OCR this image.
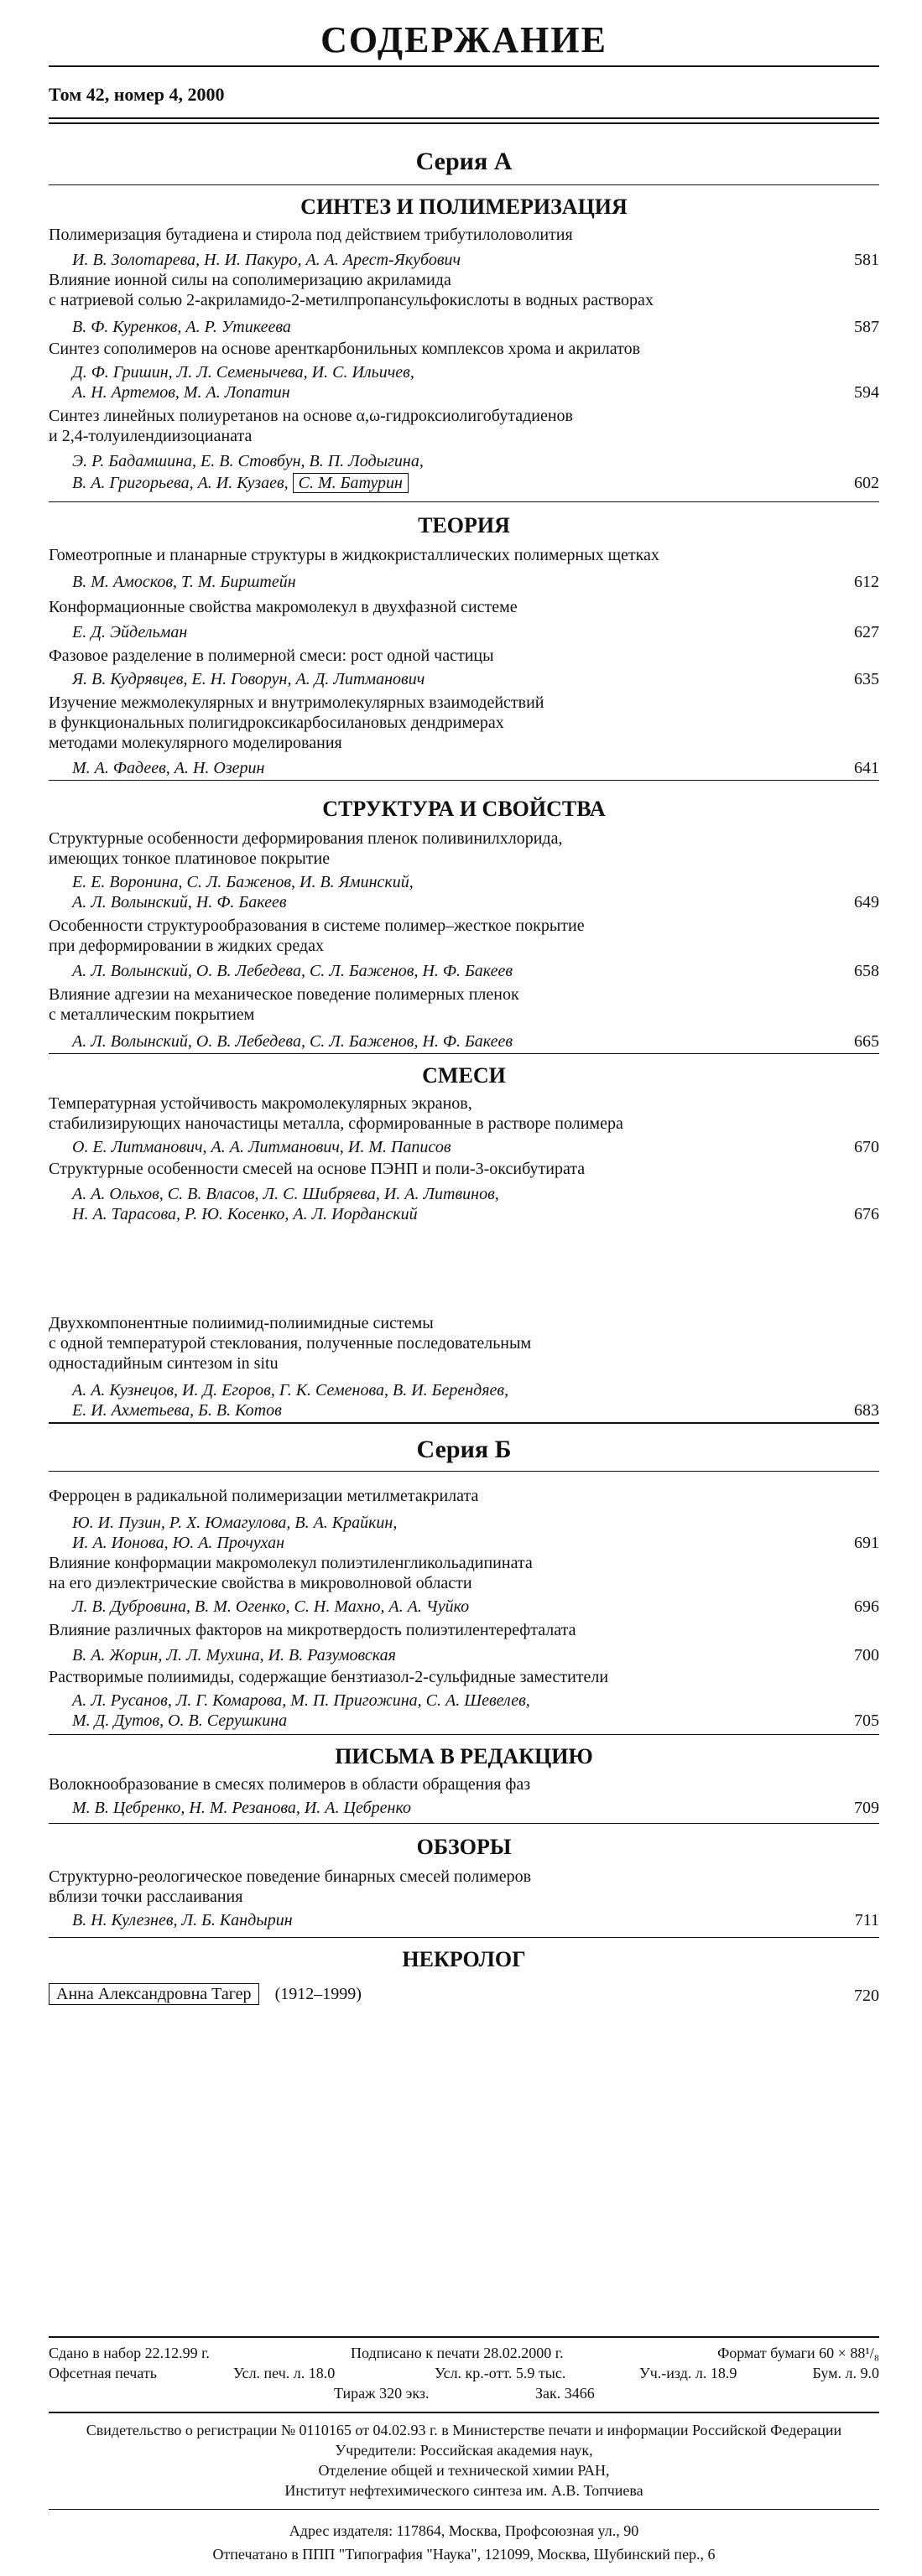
СОДЕРЖАНИЕ
Том 42, номер 4, 2000
Серия А
СИНТЕЗ И ПОЛИМЕРИЗАЦИЯ
Полимеризация бутадиена и стирола под действием трибутилоловолития
И. В. Золотарева, Н. И. Пакуро, А. А. Арест-Якубович	581
Влияние ионной силы на сополимеризацию акриламида
с натриевой солью 2-акриламидо-2-метилпропансульфокислоты в водных растворах
В. Ф. Куренков, А. Р. Утикеева	587
Синтез сополимеров на основе аренткарбонильных комплексов хрома и акрилатов
Д. Ф. Гришин, Л. Л. Семенычева, И. С. Ильичев,
А. Н. Артемов, М. А. Лопатин	594
Синтез линейных полиуретанов на основе α,ω-гидроксиолигобутадиенов
и 2,4-толуилендиизоцианата
Э. Р. Бадамшина, Е. В. Стовбун, В. П. Лодыгина,
В. А. Григорьева, А. И. Кузаев, С. М. Батурин	602
ТЕОРИЯ
Гомеотропные и планарные структуры в жидкокристаллических полимерных щетках
В. М. Амосков, Т. М. Бирштейн	612
Конформационные свойства макромолекул в двухфазной системе
Е. Д. Эйдельман	627
Фазовое разделение в полимерной смеси: рост одной частицы
Я. В. Кудрявцев, Е. Н. Говорун, А. Д. Литманович	635
Изучение межмолекулярных и внутримолекулярных взаимодействий
в функциональных полигидроксикарбосилановых дендримерах
методами молекулярного моделирования
М. А. Фадеев, А. Н. Озерин	641
СТРУКТУРА И СВОЙСТВА
Структурные особенности деформирования пленок поливинилхлорида,
имеющих тонкое платиновое покрытие
Е. Е. Воронина, С. Л. Баженов, И. В. Яминский,
А. Л. Волынский, Н. Ф. Бакеев	649
Особенности структурообразования в системе полимер–жесткое покрытие
при деформировании в жидких средах
А. Л. Волынский, О. В. Лебедева, С. Л. Баженов, Н. Ф. Бакеев	658
Влияние адгезии на механическое поведение полимерных пленок
с металлическим покрытием
А. Л. Волынский, О. В. Лебедева, С. Л. Баженов, Н. Ф. Бакеев	665
СМЕСИ
Температурная устойчивость макромолекулярных экранов,
стабилизирующих наночастицы металла, сформированные в растворе полимера
О. Е. Литманович, А. А. Литманович, И. М. Паписов	670
Структурные особенности смесей на основе ПЭНП и поли-3-оксибутирата
А. А. Ольхов, С. В. Власов, Л. С. Шибряева, И. А. Литвинов,
Н. А. Тарасова, Р. Ю. Косенко, А. Л. Иорданский	676
Двухкомпонентные полиимид-полиимидные системы
с одной температурой стеклования, полученные последовательным
одностадийным синтезом in situ
А. А. Кузнецов, И. Д. Егоров, Г. К. Семенова, В. И. Берендяев,
Е. И. Ахметьева, Б. В. Котов	683
Серия Б
Ферроцен в радикальной полимеризации метилметакрилата
Ю. И. Пузин, Р. Х. Юмагулова, В. А. Крайкин,
И. А. Ионова, Ю. А. Прочухан	691
Влияние конформации макромолекул полиэтиленгликольадипината
на его диэлектрические свойства в микроволновой области
Л. В. Дубровина, В. М. Огенко, С. Н. Махно, А. А. Чуйко	696
Влияние различных факторов на микротвердость полиэтилентерефталата
В. А. Жорин, Л. Л. Мухина, И. В. Разумовская	700
Растворимые полиимиды, содержащие бензтиазол-2-сульфидные заместители
А. Л. Русанов, Л. Г. Комарова, М. П. Пригожина, С. А. Шевелев,
М. Д. Дутов, О. В. Серушкина	705
ПИСЬМА В РЕДАКЦИЮ
Волокнообразование в смесях полимеров в области обращения фаз
М. В. Цебренко, Н. М. Резанова, И. А. Цебренко	709
ОБЗОРЫ
Структурно-реологическое поведение бинарных смесей полимеров
вблизи точки расслаивания
В. Н. Кулезнев, Л. Б. Кандырин	711
НЕКРОЛОГ
Анна Александровна Тагер (1912–1999)	720
Сдано в набор 22.12.99 г.	Подписано к печати 28.02.2000 г.	Формат бумаги 60 × 88¹/₈
Офсетная печать	Усл. печ. л. 18.0	Усл. кр.-отт. 5.9 тыс.	Уч.-изд. л. 18.9	Бум. л. 9.0
Тираж 320 экз.	Зак. 3466
Свидетельство о регистрации № 0110165 от 04.02.93 г. в Министерстве печати и информации Российской Федерации
Учредители: Российская академия наук,
Отделение общей и технической химии РАН,
Институт нефтехимического синтеза им. А.В. Топчиева
Адрес издателя: 117864, Москва, Профсоюзная ул., 90
Отпечатано в ППП "Типография "Наука", 121099, Москва, Шубинский пер., 6
